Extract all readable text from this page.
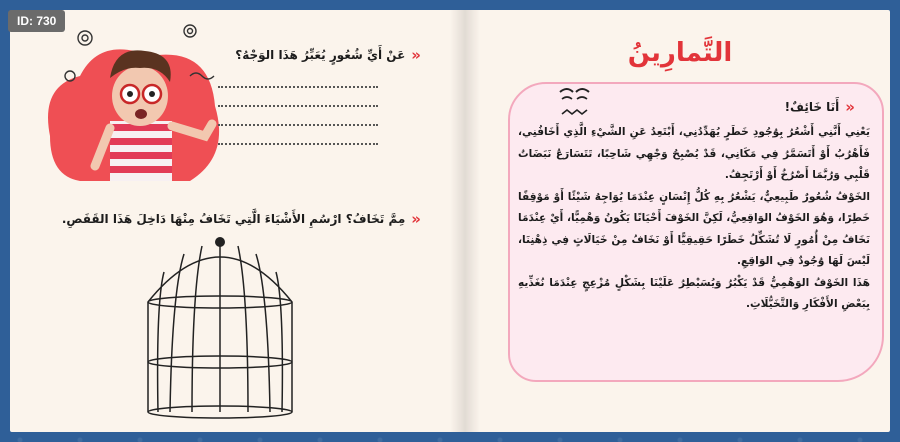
ID: 730
التَّمارِينُ
«
أَنَا خَائِفٌ!

يَعْنِي أَنَّنِي أَشْعُرُ بِوُجُودِ خَطَرٍ يُهَدِّدُنِي، أَبْتَعِدُ عَنِ الشَّيْءِ الَّذِي أَخَافُنِي، فَأَهْرُبُ أَوْ أَتَسَمَّرُ فِي مَكَانِي، قَدْ يُصْبِحُ وَجْهِي شَاحِبًا، تَتَسَارَعُ نَبَضَاتُ قَلْبِي وَرُبَّمَا أَصْرُخُ أَوْ أَرْتَجِفُ.

الخَوْفُ شُعُورٌ طَبِيعِيٌّ، يَشْعُرُ بِهِ كُلُّ إِنْسَانٍ عِنْدَمَا يُوَاجِهُ شَيْئًا أَوْ مَوْقِفًا خَطِرًا، وَهُوَ الخَوْفُ الوَاقِعِيُّ، لَكِنَّ الخَوْفَ أَحْيَانًا يَكُونُ وَهْمِيًّا، أَيْ عِنْدَمَا نَخَافُ مِنْ أُمُورٍ لَا تُشَكِّلُ خَطَرًا حَقِيقِيًّا أَوْ نَخَافُ مِنْ خَيَالَاتٍ فِي ذِهْنِنَا، لَيْسَ لَهَا وُجُودٌ فِي الوَاقِعِ.

هَذَا الخَوْفُ الوَهْمِيُّ قَدْ يَكْبُرُ وَيُسَيْطِرُ عَلَيْنَا بِشَكْلٍ مُزْعِجٍ عِنْدَمَا نُغَذِّيهِ بِبَعْضِ الأَفْكَارِ وَالتَّخَيُّلَاتِ.

«
عَنْ أَيِّ شُعُورٍ يُعَبِّرُ هَذَا الوَجْهُ؟
«
مِمَّ تَخَافُ؟ ارْسُمِ الأَشْيَاءَ الَّتِي تَخَافُ مِنْهَا دَاخِلَ هَذَا القَفَصِ.
